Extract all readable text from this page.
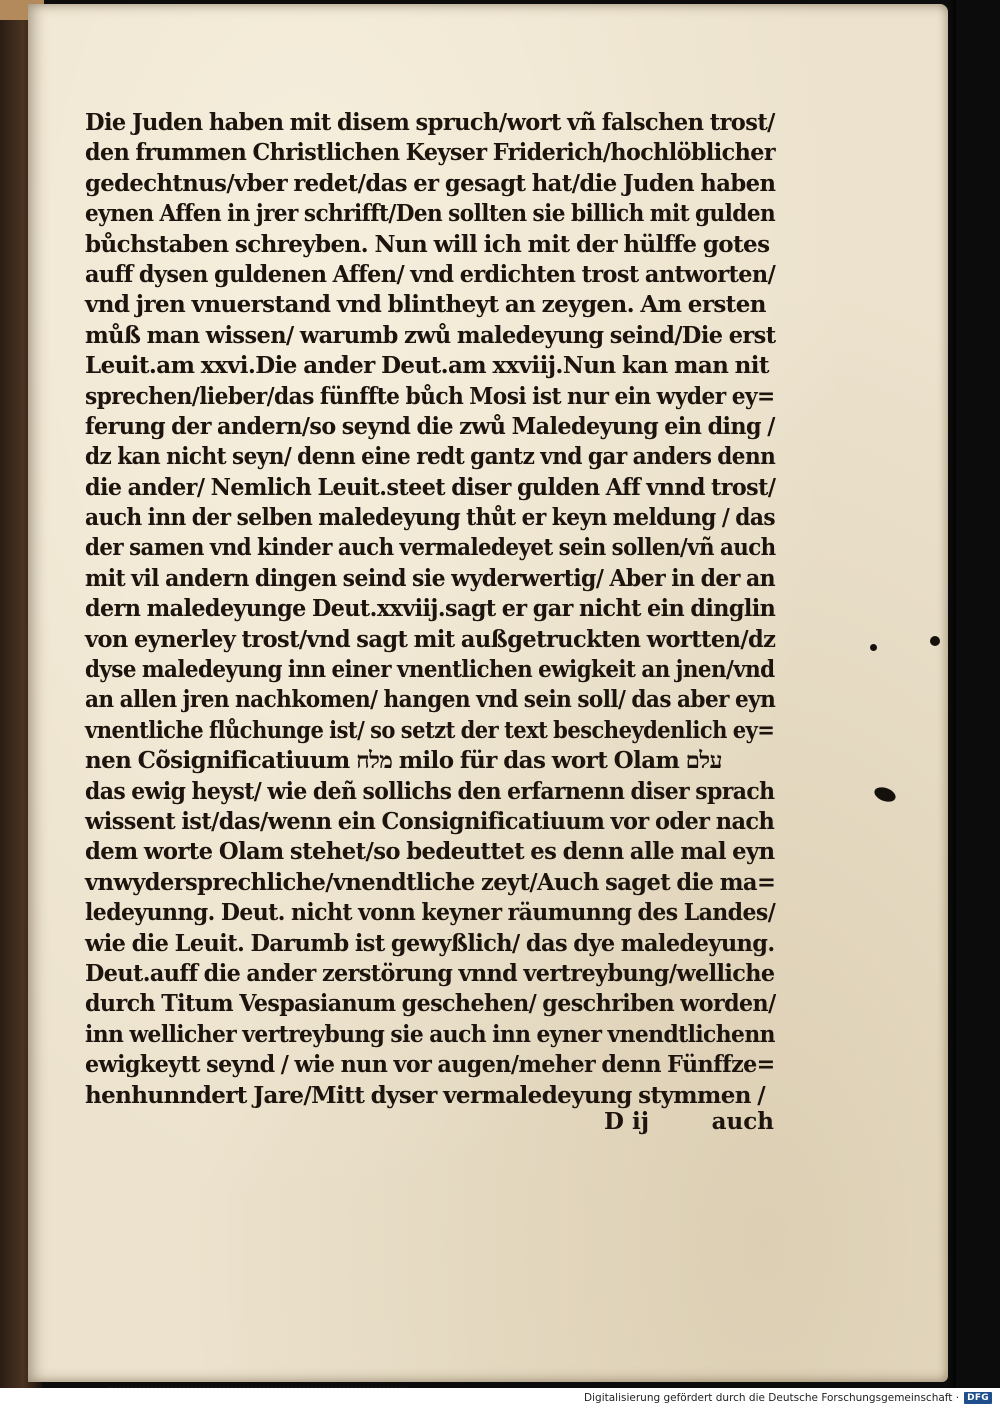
Die Juden haben mit disem spruch/wort vñ falschen trost/
den frummen Christlichen Keyser Friderich/hochlöblicher
gedechtnus/vber redet/das er gesagt hat/die Juden haben
eynen Affen in jrer schrifft/Den sollten sie billich mit gulden
bůchstaben schreyben. Nun will ich mit der hülffe gotes
auff dysen guldenen Affen/ vnd erdichten trost antworten/
vnd jren vnuerstand vnd blintheyt an zeygen. Am ersten
můß man wissen/ warumb zwů maledeyung seind/Die erst
Leuit.am xxvi.Die ander Deut.am xxviij.Nun kan man nit
sprechen/lieber/das fünffte bůch Mosi ist nur ein wyder ey=
ferung der andern/so seynd die zwů Maledeyung ein ding /
dz kan nicht seyn/ denn eine redt gantz vnd gar anders denn
die ander/ Nemlich Leuit.steet diser gulden Aff vnnd trost/
auch inn der selben maledeyung thůt er keyn meldung / das
der samen vnd kinder auch vermaledeyet sein sollen/vñ auch
mit vil andern dingen seind sie wyderwertig/ Aber in der an
dern maledeyunge Deut.xxviij.sagt er gar nicht ein dinglin
von eynerley trost/vnd sagt mit außgetruckten wortten/dz
dyse maledeyung inn einer vnentlichen ewigkeit an jnen/vnd
an allen jren nachkomen/ hangen vnd sein soll/ das aber eyn
vnentliche flůchunge ist/ so setzt der text bescheydenlich ey=
nen Cõsignificatiuum מלח milo für das wort Olam עלם
das ewig heyst/ wie deñ sollichs den erfarnenn diser sprach
wissent ist/das/wenn ein Consignificatiuum vor oder nach
dem worte Olam stehet/so bedeuttet es denn alle mal eyn
vnwydersprechliche/vnendtliche zeyt/Auch saget die ma=
ledeyunng. Deut. nicht vonn keyner räumunng des Landes/
wie die Leuit. Darumb ist gewyßlich/ das dye maledeyung.
Deut.auff die ander zerstörung vnnd vertreybung/welliche
durch Titum Vespasianum geschehen/ geschriben worden/
inn wellicher vertreybung sie auch inn eyner vnendtlichenn
ewigkeytt seynd / wie nun vor augen/meher denn Fünffze=
henhunndert Jare/Mitt dyser vermaledeyung stymmen /
D ij	auch
Digitalisierung gefördert durch die Deutsche Forschungsgemeinschaft · DFG
